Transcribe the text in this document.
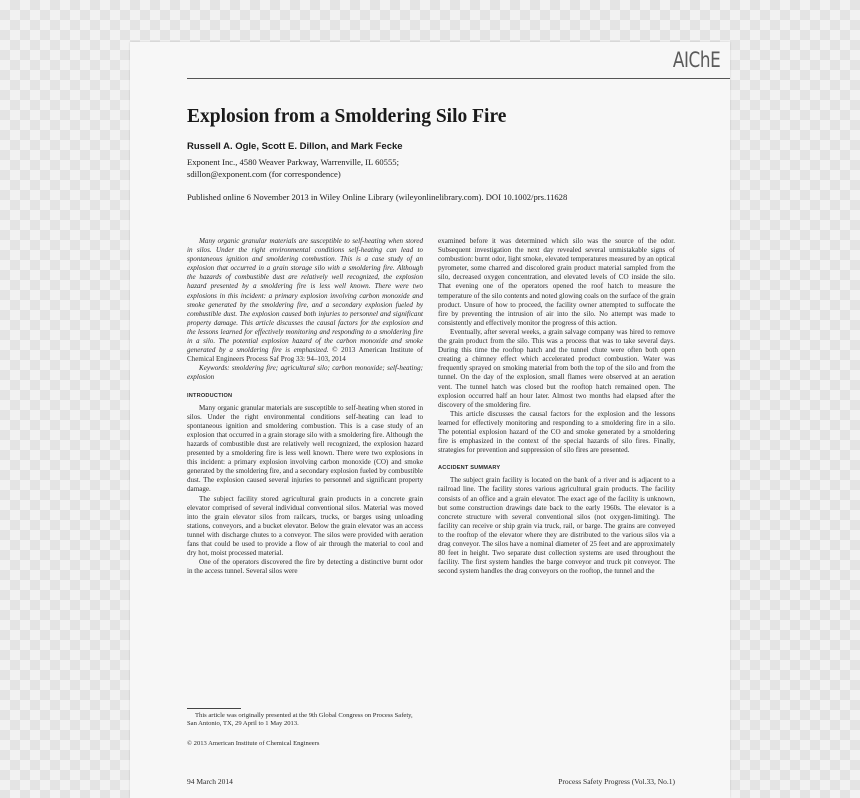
AIChE
Explosion from a Smoldering Silo Fire
Russell A. Ogle, Scott E. Dillon, and Mark Fecke
Exponent Inc., 4580 Weaver Parkway, Warrenville, IL 60555;
sdillon@exponent.com (for correspondence)
Published online 6 November 2013 in Wiley Online Library (wileyonlinelibrary.com). DOI 10.1002/prs.11628

Many organic granular materials are susceptible to self-heating when stored in silos. Under the right environmental conditions self-heating can lead to spontaneous ignition and smoldering combustion. This is a case study of an explosion that occurred in a grain storage silo with a smoldering fire. Although the hazards of combustible dust are relatively well recognized, the explosion hazard presented by a smoldering fire is less well known. There were two explosions in this incident: a primary explosion involving carbon monoxide and smoke generated by the smoldering fire, and a secondary explosion fueled by combustible dust. The explosion caused both injuries to personnel and significant property damage. This article discusses the causal factors for the explosion and the lessons learned for effectively monitoring and responding to a smoldering fire in a silo. The potential explosion hazard of the carbon monoxide and smoke generated by a smoldering fire is emphasized. © 2013 American Institute of Chemical Engineers Process Saf Prog 33: 94–103, 2014

Keywords: smoldering fire; agricultural silo; carbon monoxide; self-heating; explosion

INTRODUCTION

Many organic granular materials are susceptible to self-heating when stored in silos. Under the right environmental conditions self-heating can lead to spontaneous ignition and smoldering combustion. This is a case study of an explosion that occurred in a grain storage silo with a smoldering fire. Although the hazards of combustible dust are relatively well recognized, the explosion hazard presented by a smoldering fire is less well known. There were two explosions in this incident: a primary explosion involving carbon monoxide (CO) and smoke generated by the smoldering fire, and a secondary explosion fueled by combustible dust. The explosion caused several injuries to personnel and significant property damage.

The subject facility stored agricultural grain products in a concrete grain elevator comprised of several individual conventional silos. Material was moved into the grain elevator silos from railcars, trucks, or barges using unloading stations, conveyors, and a bucket elevator. Below the grain elevator was an access tunnel with discharge chutes to a conveyor. The silos were provided with aeration fans that could be used to provide a flow of air through the material to cool and dry hot, moist processed material.

One of the operators discovered the fire by detecting a distinctive burnt odor in the access tunnel. Several silos were

examined before it was determined which silo was the source of the odor. Subsequent investigation the next day revealed several unmistakable signs of combustion: burnt odor, light smoke, elevated temperatures measured by an optical pyrometer, some charred and discolored grain product material sampled from the silo, decreased oxygen concentration, and elevated levels of CO inside the silo. That evening one of the operators opened the roof hatch to measure the temperature of the silo contents and noted glowing coals on the surface of the grain product. Unsure of how to proceed, the facility owner attempted to suffocate the fire by preventing the intrusion of air into the silo. No attempt was made to consistently and effectively monitor the progress of this action.

Eventually, after several weeks, a grain salvage company was hired to remove the grain product from the silo. This was a process that was to take several days. During this time the rooftop hatch and the tunnel chute were often both open creating a chimney effect which accelerated product combustion. Water was frequently sprayed on smoking material from both the top of the silo and from the tunnel. On the day of the explosion, small flames were observed at an aeration vent. The tunnel hatch was closed but the rooftop hatch remained open. The explosion occurred half an hour later. Almost two months had elapsed after the discovery of the smoldering fire.

This article discusses the causal factors for the explosion and the lessons learned for effectively monitoring and responding to a smoldering fire in a silo. The potential explosion hazard of the CO and smoke generated by a smoldering fire is emphasized in the context of the special hazards of silo fires. Finally, strategies for prevention and suppression of silo fires are presented.

ACCIDENT SUMMARY

The subject grain facility is located on the bank of a river and is adjacent to a railroad line. The facility stores various agricultural grain products. The facility consists of an office and a grain elevator. The exact age of the facility is unknown, but some construction drawings date back to the early 1960s. The elevator is a concrete structure with several conventional silos (not oxygen-limiting). The facility can receive or ship grain via truck, rail, or barge. The grains are conveyed to the rooftop of the elevator where they are distributed to the various silos via a drag conveyor. The silos have a nominal diameter of 25 feet and are approximately 80 feet in height. Two separate dust collection systems are used throughout the facility. The first system handles the barge conveyor and truck pit conveyor. The second system handles the drag conveyors on the rooftop, the tunnel and the

This article was originally presented at the 9th Global Congress on Process Safety, San Antonio, TX, 29 April to 1 May 2013.

© 2013 American Institute of Chemical Engineers
94 March 2014	Process Safety Progress (Vol.33, No.1)
